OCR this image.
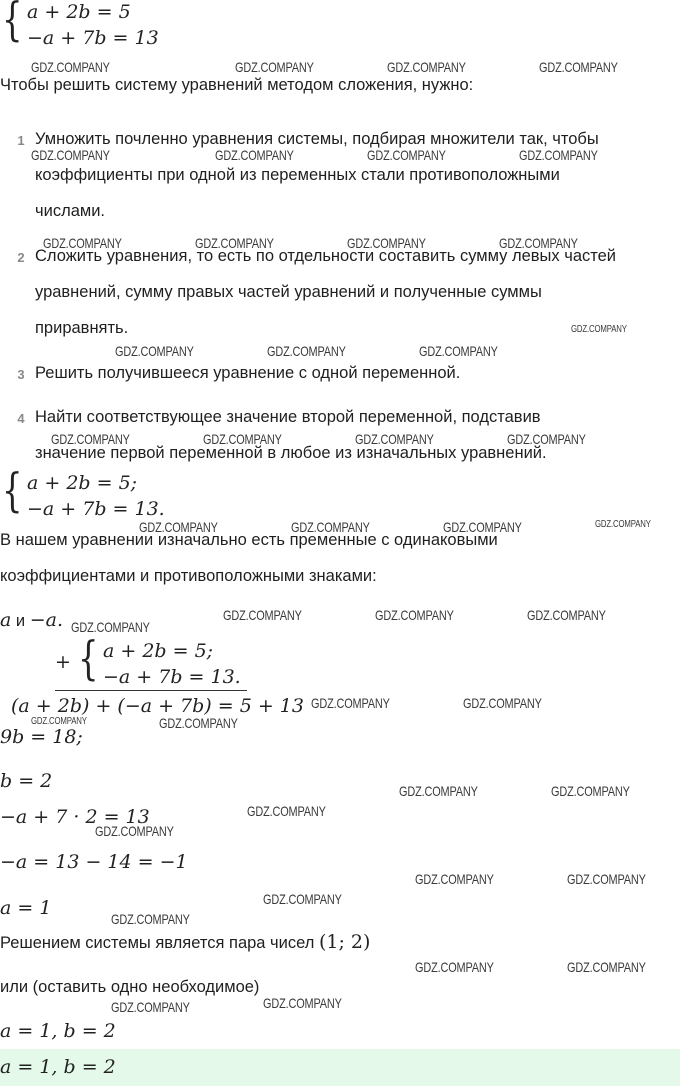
{ a + 2b = 5
−a + 7b = 13
Чтобы решить систему уравнений методом сложения, нужно:
1 Умножить почленно уравнения системы, подбирая множители так, чтобы
коэффициенты при одной из переменных стали противоположными
числами.
2 Сложить уравнения, то есть по отдельности составить сумму левых частей
уравнений, сумму правых частей уравнений и полученные суммы
приравнять.
3 Решить получившееся уравнение с одной переменной.
4 Найти соответствующее значение второй переменной, подставив
значение первой переменной в любое из изначальных уравнений.
{ a + 2b = 5;
−a + 7b = 13.
В нашем уравнении изначально есть пременные с одинаковыми
коэффициентами и противоположными знаками:
a и −a.
+ { a + 2b = 5;
−a + 7b = 13.
(a + 2b) + (−a + 7b) = 5 + 13
9b = 18;
b = 2
−a + 7 · 2 = 13
−a = 13 − 14 = −1
a = 1
Решением системы является пара чисел (1; 2)
или (оставить одно необходимое)
a = 1, b = 2
a = 1, b = 2
GDZ.COMPANY	GDZ.COMPANY	GDZ.COMPANY	GDZ.COMPANY
GDZ.COMPANY	GDZ.COMPANY	GDZ.COMPANY	GDZ.COMPANY
GDZ.COMPANY	GDZ.COMPANY	GDZ.COMPANY	GDZ.COMPANY
GDZ.COMPANY
GDZ.COMPANY	GDZ.COMPANY	GDZ.COMPANY
GDZ.COMPANY	GDZ.COMPANY	GDZ.COMPANY	GDZ.COMPANY
GDZ.COMPANY	GDZ.COMPANY	GDZ.COMPANY	GDZ.COMPANY
GDZ.COMPANY
GDZ.COMPANY	GDZ.COMPANY	GDZ.COMPANY
GDZ.COMPANY	GDZ.COMPANY
GDZ.COMPANY	GDZ.COMPANY
GDZ.COMPANY	GDZ.COMPANY
GDZ.COMPANY
GDZ.COMPANY
GDZ.COMPANY	GDZ.COMPANY
GDZ.COMPANY
GDZ.COMPANY
GDZ.COMPANY	GDZ.COMPANY
GDZ.COMPANY
GDZ.COMPANY
